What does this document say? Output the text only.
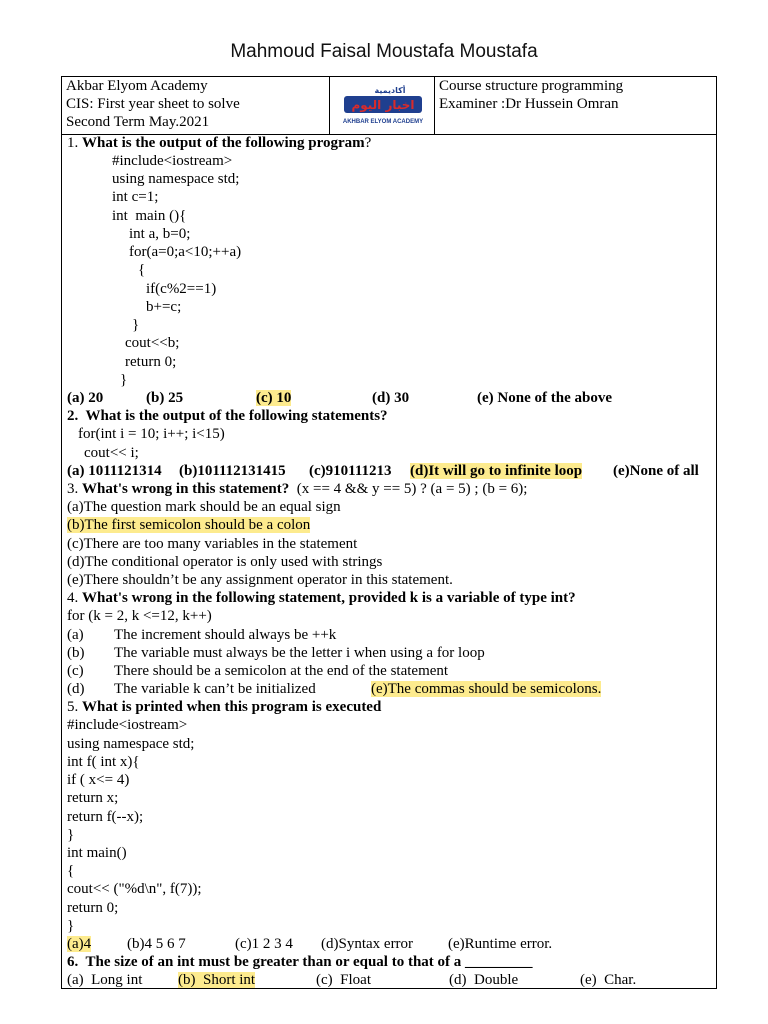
Mahmoud Faisal Moustafa Moustafa
Akbar Elyom Academy
CIS: First year sheet to solve
Second Term May.2021
أكاديمية
اخبار اليوم
AKHBAR ELYOM ACADEMY
Course structure programming
Examiner :Dr Hussein Omran
1. What is the output of the following program?
#include<iostream>
using namespace std;
int c=1;
int  main (){
int a, b=0;
for(a=0;a<10;++a)
{
if(c%2==1)
b+=c;
}
cout<<b;
return 0;
}
(a) 20	(b) 25	(c) 10	(d) 30	(e) None of the above
2.  What is the output of the following statements?
for(int i = 10; i++; i<15)
cout<< i;
(a) 1011121314 (b)101112131415 (c)910111213 (d)It will go to infinite loop (e)None of all
3. What's wrong in this statement?  (x == 4 && y == 5) ? (a = 5) ; (b = 6);
(a)The question mark should be an equal sign
(b)The first semicolon should be a colon
(c)There are too many variables in the statement
(d)The conditional operator is only used with strings
(e)There shouldn’t be any assignment operator in this statement.
4. What's wrong in the following statement, provided k is a variable of type int?
for (k = 2, k <=12, k++)
(a) The increment should always be ++k
(b) The variable must always be the letter i when using a for loop
(c) There should be a semicolon at the end of the statement
(d) The variable k can’t be initialized	(e)The commas should be semicolons.
5. What is printed when this program is executed
#include<iostream>
using namespace std;
int f( int x){
if ( x<= 4)
return x;
return f(--x);
}
int main()
{
cout<< ("%d\n", f(7));
return 0;
}
(a)4 (b)4 5 6 7	(c)1 2 3 4 (d)Syntax error (e)Runtime error.
6.  The size of an int must be greater than or equal to that of a _________
(a)  Long int (b)  Short int	(c)  Float	(d)  Double	(e)  Char.
